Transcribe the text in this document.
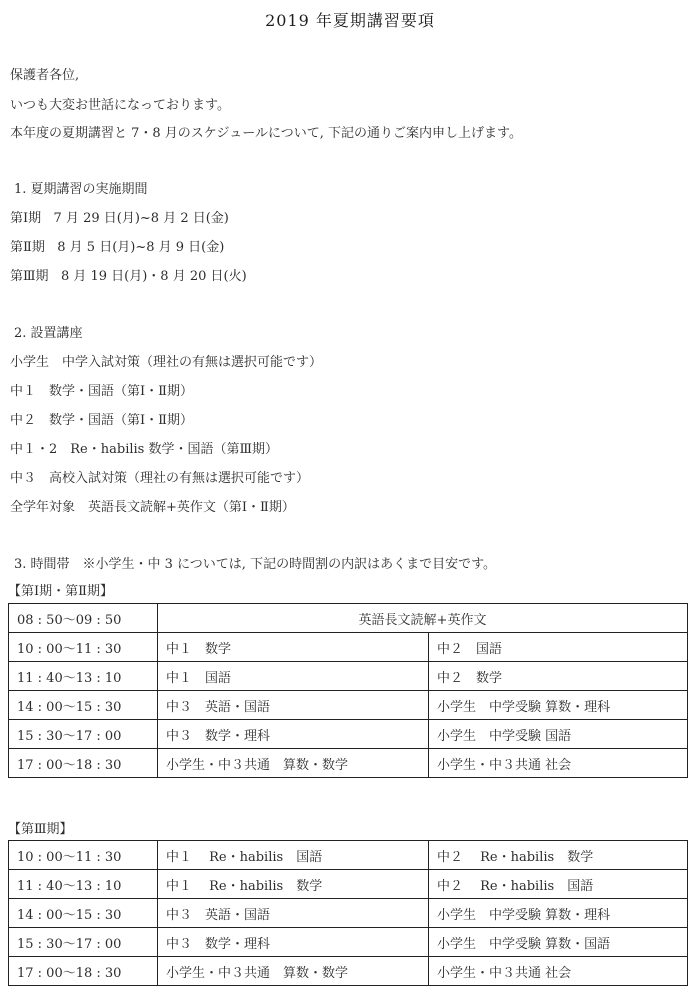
2019 年夏期講習要項
保護者各位,
いつも大変お世話になっております。
本年度の夏期講習と 7・8 月のスケジュールについて, 下記の通りご案内申し上げます。
1. 夏期講習の実施期間
第Ⅰ期 7 月 29 日(月)~8 月 2 日(金)
第Ⅱ期 8 月 5 日(月)~8 月 9 日(金)
第Ⅲ期 8 月 19 日(月)・8 月 20 日(火)
2. 設置講座
小学生　中学入試対策（理社の有無は選択可能です）
中１　数学・国語（第Ⅰ・Ⅱ期）
中２　数学・国語（第Ⅰ・Ⅱ期）
中１・2　Re・habilis 数学・国語（第Ⅲ期）
中３　高校入試対策（理社の有無は選択可能です）
全学年対象　英語長文読解+英作文（第Ⅰ・Ⅱ期）
3. 時間帯　※小学生・中 3 については, 下記の時間割の内訳はあくまで目安です。
【第Ⅰ期・第Ⅱ期】
08 : 50〜09 : 50	英語長文読解+英作文	
10 : 00〜11 : 30	中１　数学	中２　国語
11 : 40〜13 : 10	中１　国語	中２　数学
14 : 00〜15 : 30	中３　英語・国語	小学生　中学受験 算数・理科
15 : 30〜17 : 00	中３　数学・理科	小学生　中学受験 国語
17 : 00〜18 : 30	小学生・中３共通　算数・数学	小学生・中３共通 社会
【第Ⅲ期】
10 : 00〜11 : 30	中１　 Re・habilis　国語	中２　 Re・habilis　数学
11 : 40〜13 : 10	中１　 Re・habilis　数学	中２　 Re・habilis　国語
14 : 00〜15 : 30	中３　英語・国語	小学生　中学受験 算数・理科
15 : 30〜17 : 00	中３　数学・理科	小学生　中学受験 算数・国語
17 : 00〜18 : 30	小学生・中３共通　算数・数学	小学生・中３共通 社会
